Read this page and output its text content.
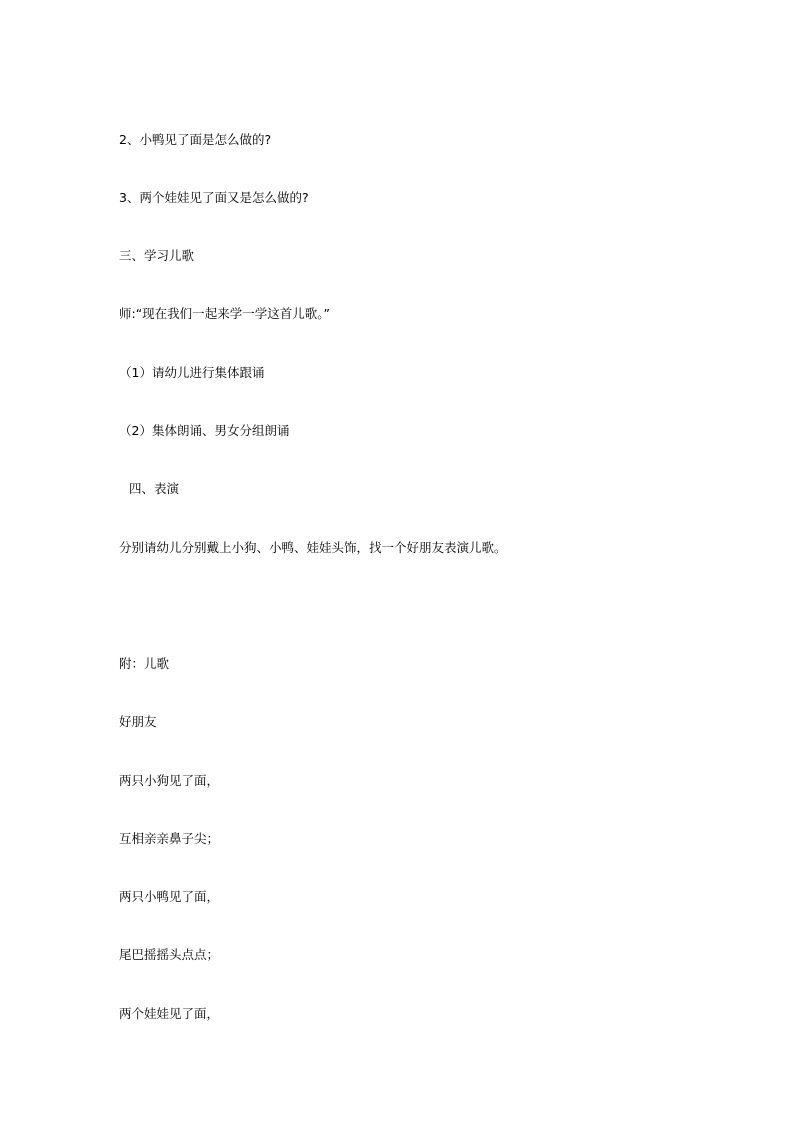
2、小鸭见了面是怎么做的?
3、两个娃娃见了面又是怎么做的?
三、学习儿歌
师:“现在我们一起来学一学这首儿歌。”
（1）请幼儿进行集体跟诵
（2）集体朗诵、男女分组朗诵
四、表演
分别请幼儿分别戴上小狗、小鸭、娃娃头饰，找一个好朋友表演儿歌。
附：儿歌
好朋友
两只小狗见了面，
互相亲亲鼻子尖；
两只小鸭见了面，
尾巴摇摇头点点；
两个娃娃见了面，
